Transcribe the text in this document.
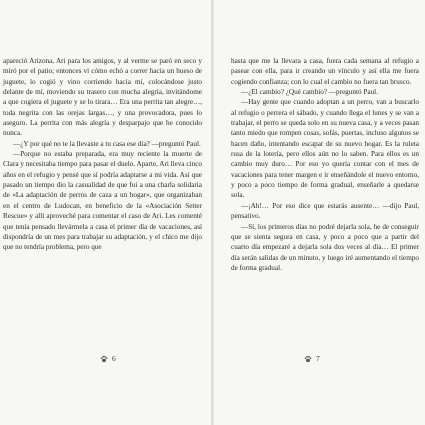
apareció Arizona, Ari para los amigos, y al verme se paró en seco y miró por el patio; entonces vi cómo echó a correr hacia un hueso de juguete, lo cogió y vino corriendo hacia mí, colocándose justo delante de mí, moviendo su trasero con mucha alegría, invitándome a que cogiera el juguete y se lo tirara… Era una perrita tan alegre…, toda negrita con las orejas largas…, y una provocadora, pues lo aseguro. La perrita con más alegría y desparpajo que he conocido nunca.

—¿Y por qué no te la llevaste a tu casa ese día? —preguntó Paul.

—Porque no estaba preparada, era muy reciente la muerte de Clara y necesitaba tiempo para pasar el duelo. Aparte, Ari lleva cinco años en el refugio y pensé que sí podría adaptarse a mi vida. Así que pasado un tiempo dio la casualidad de que fui a una charla solidaria de «La adaptación de perros de caza a un hogar», que organizaban en el centro de Ludocan, en beneficio de la «Asociación Setter Rescue» y allí aproveché para comentar el caso de Ari. Les comenté que tenía pensado llevármela a casa el primer día de vacaciones, así dispondría de un mes para trabajar su adaptación, y el chico me dijo que no tendría problema, pero que

6

hasta que me la llevara a casa, fuera cada semana al refugio a pasear con ella, para ir creando un vínculo y así ella me fuera cogiendo confianza; con lo cual el cambio no fuera tan brusco.

—¿El cambio? ¿Qué cambio? —preguntó Paul.

—Hay gente que cuando adoptan a un perro, van a buscarlo al refugio o perrera el sábado, y cuando llega el lunes y se van a trabajar, el perro se queda solo en su nueva casa, y a veces pasan tanto miedo que rompen cosas, sofás, puertas, incluso algunos se hacen daño, intentando escapar de su nuevo hogar. Es la ruleta rusa de la lotería, pero ellos aún no lo saben. Para ellos es un cambio muy duro… Por eso yo quería contar con el mes de vacaciones para tener margen e ir enseñándole el nuevo entorno, y poco a poco tiempo de forma gradual, enseñarle a quedarse sola.

—¡Ah!… Por eso dice que estarás ausente… —dijo Paul, pensativo.

—Sí, los primeros días no podré dejarla sola, he de conseguir que se sienta segura en casa, y poco a poco que a partir del cuarto día empezaré a dejarla sola dos veces al día… El primer día serán salidas de un minuto, y luego iré aumentando el tiempo de forma gradual.

7
